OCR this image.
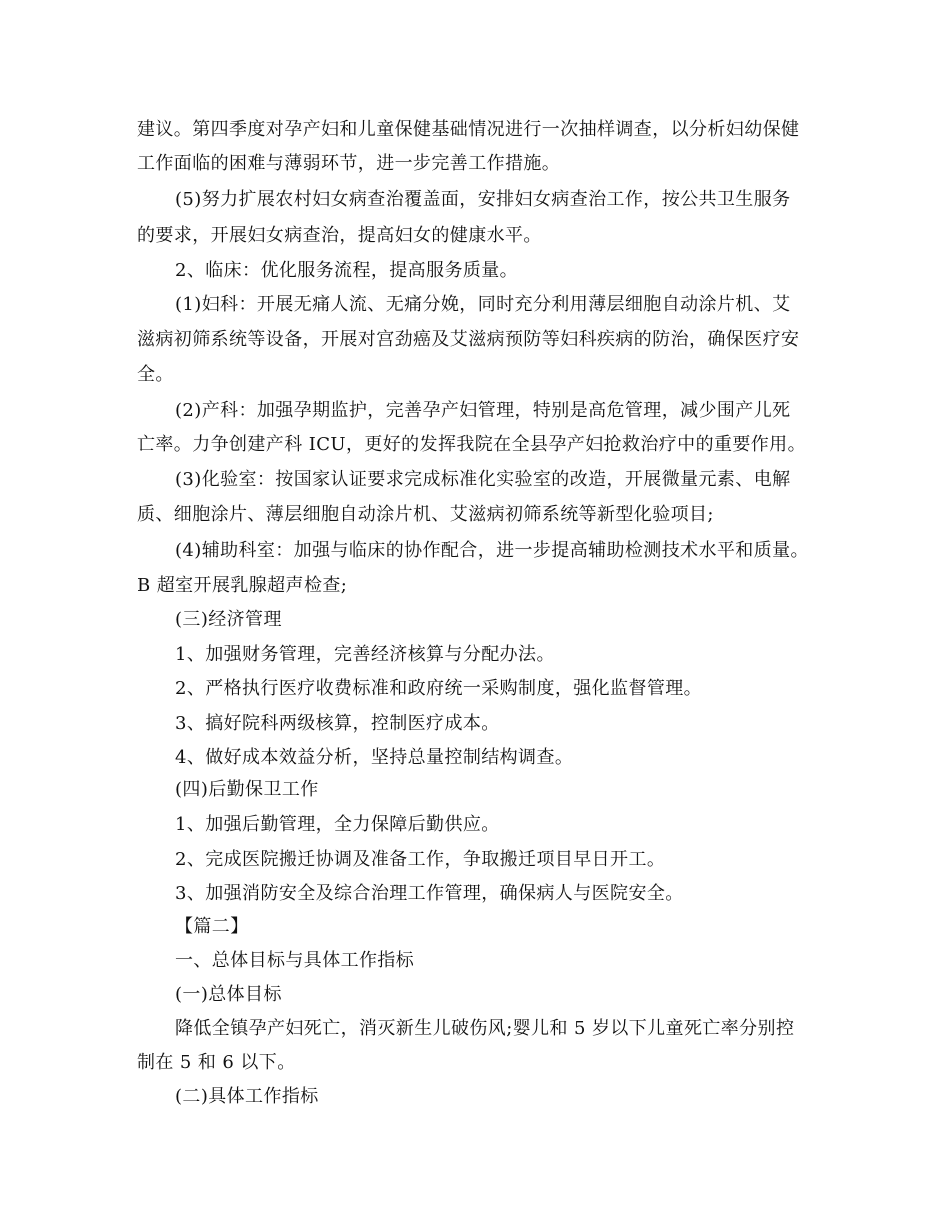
建议。第四季度对孕产妇和儿童保健基础情况进行一次抽样调查，以分析妇幼保健
工作面临的困难与薄弱环节，进一步完善工作措施。
(5)努力扩展农村妇女病查治覆盖面，安排妇女病查治工作，按公共卫生服务
的要求，开展妇女病查治，提高妇女的健康水平。
2、临床：优化服务流程，提高服务质量。
(1)妇科：开展无痛人流、无痛分娩，同时充分利用薄层细胞自动涂片机、艾
滋病初筛系统等设备，开展对宫劲癌及艾滋病预防等妇科疾病的防治，确保医疗安
全。
(2)产科：加强孕期监护，完善孕产妇管理，特别是高危管理，减少围产儿死
亡率。力争创建产科 ICU，更好的发挥我院在全县孕产妇抢救治疗中的重要作用。
(3)化验室：按国家认证要求完成标准化实验室的改造，开展微量元素、电解
质、细胞涂片、薄层细胞自动涂片机、艾滋病初筛系统等新型化验项目;
(4)辅助科室：加强与临床的协作配合，进一步提高辅助检测技术水平和质量。
B 超室开展乳腺超声检查;
(三)经济管理
1、加强财务管理，完善经济核算与分配办法。
2、严格执行医疗收费标准和政府统一采购制度，强化监督管理。
3、搞好院科两级核算，控制医疗成本。
4、做好成本效益分析，坚持总量控制结构调查。
(四)后勤保卫工作
1、加强后勤管理，全力保障后勤供应。
2、完成医院搬迁协调及准备工作，争取搬迁项目早日开工。
3、加强消防安全及综合治理工作管理，确保病人与医院安全。
【篇二】
一、总体目标与具体工作指标
(一)总体目标
降低全镇孕产妇死亡，消灭新生儿破伤风;婴儿和 5 岁以下儿童死亡率分别控
制在 5 和 6 以下。
(二)具体工作指标
